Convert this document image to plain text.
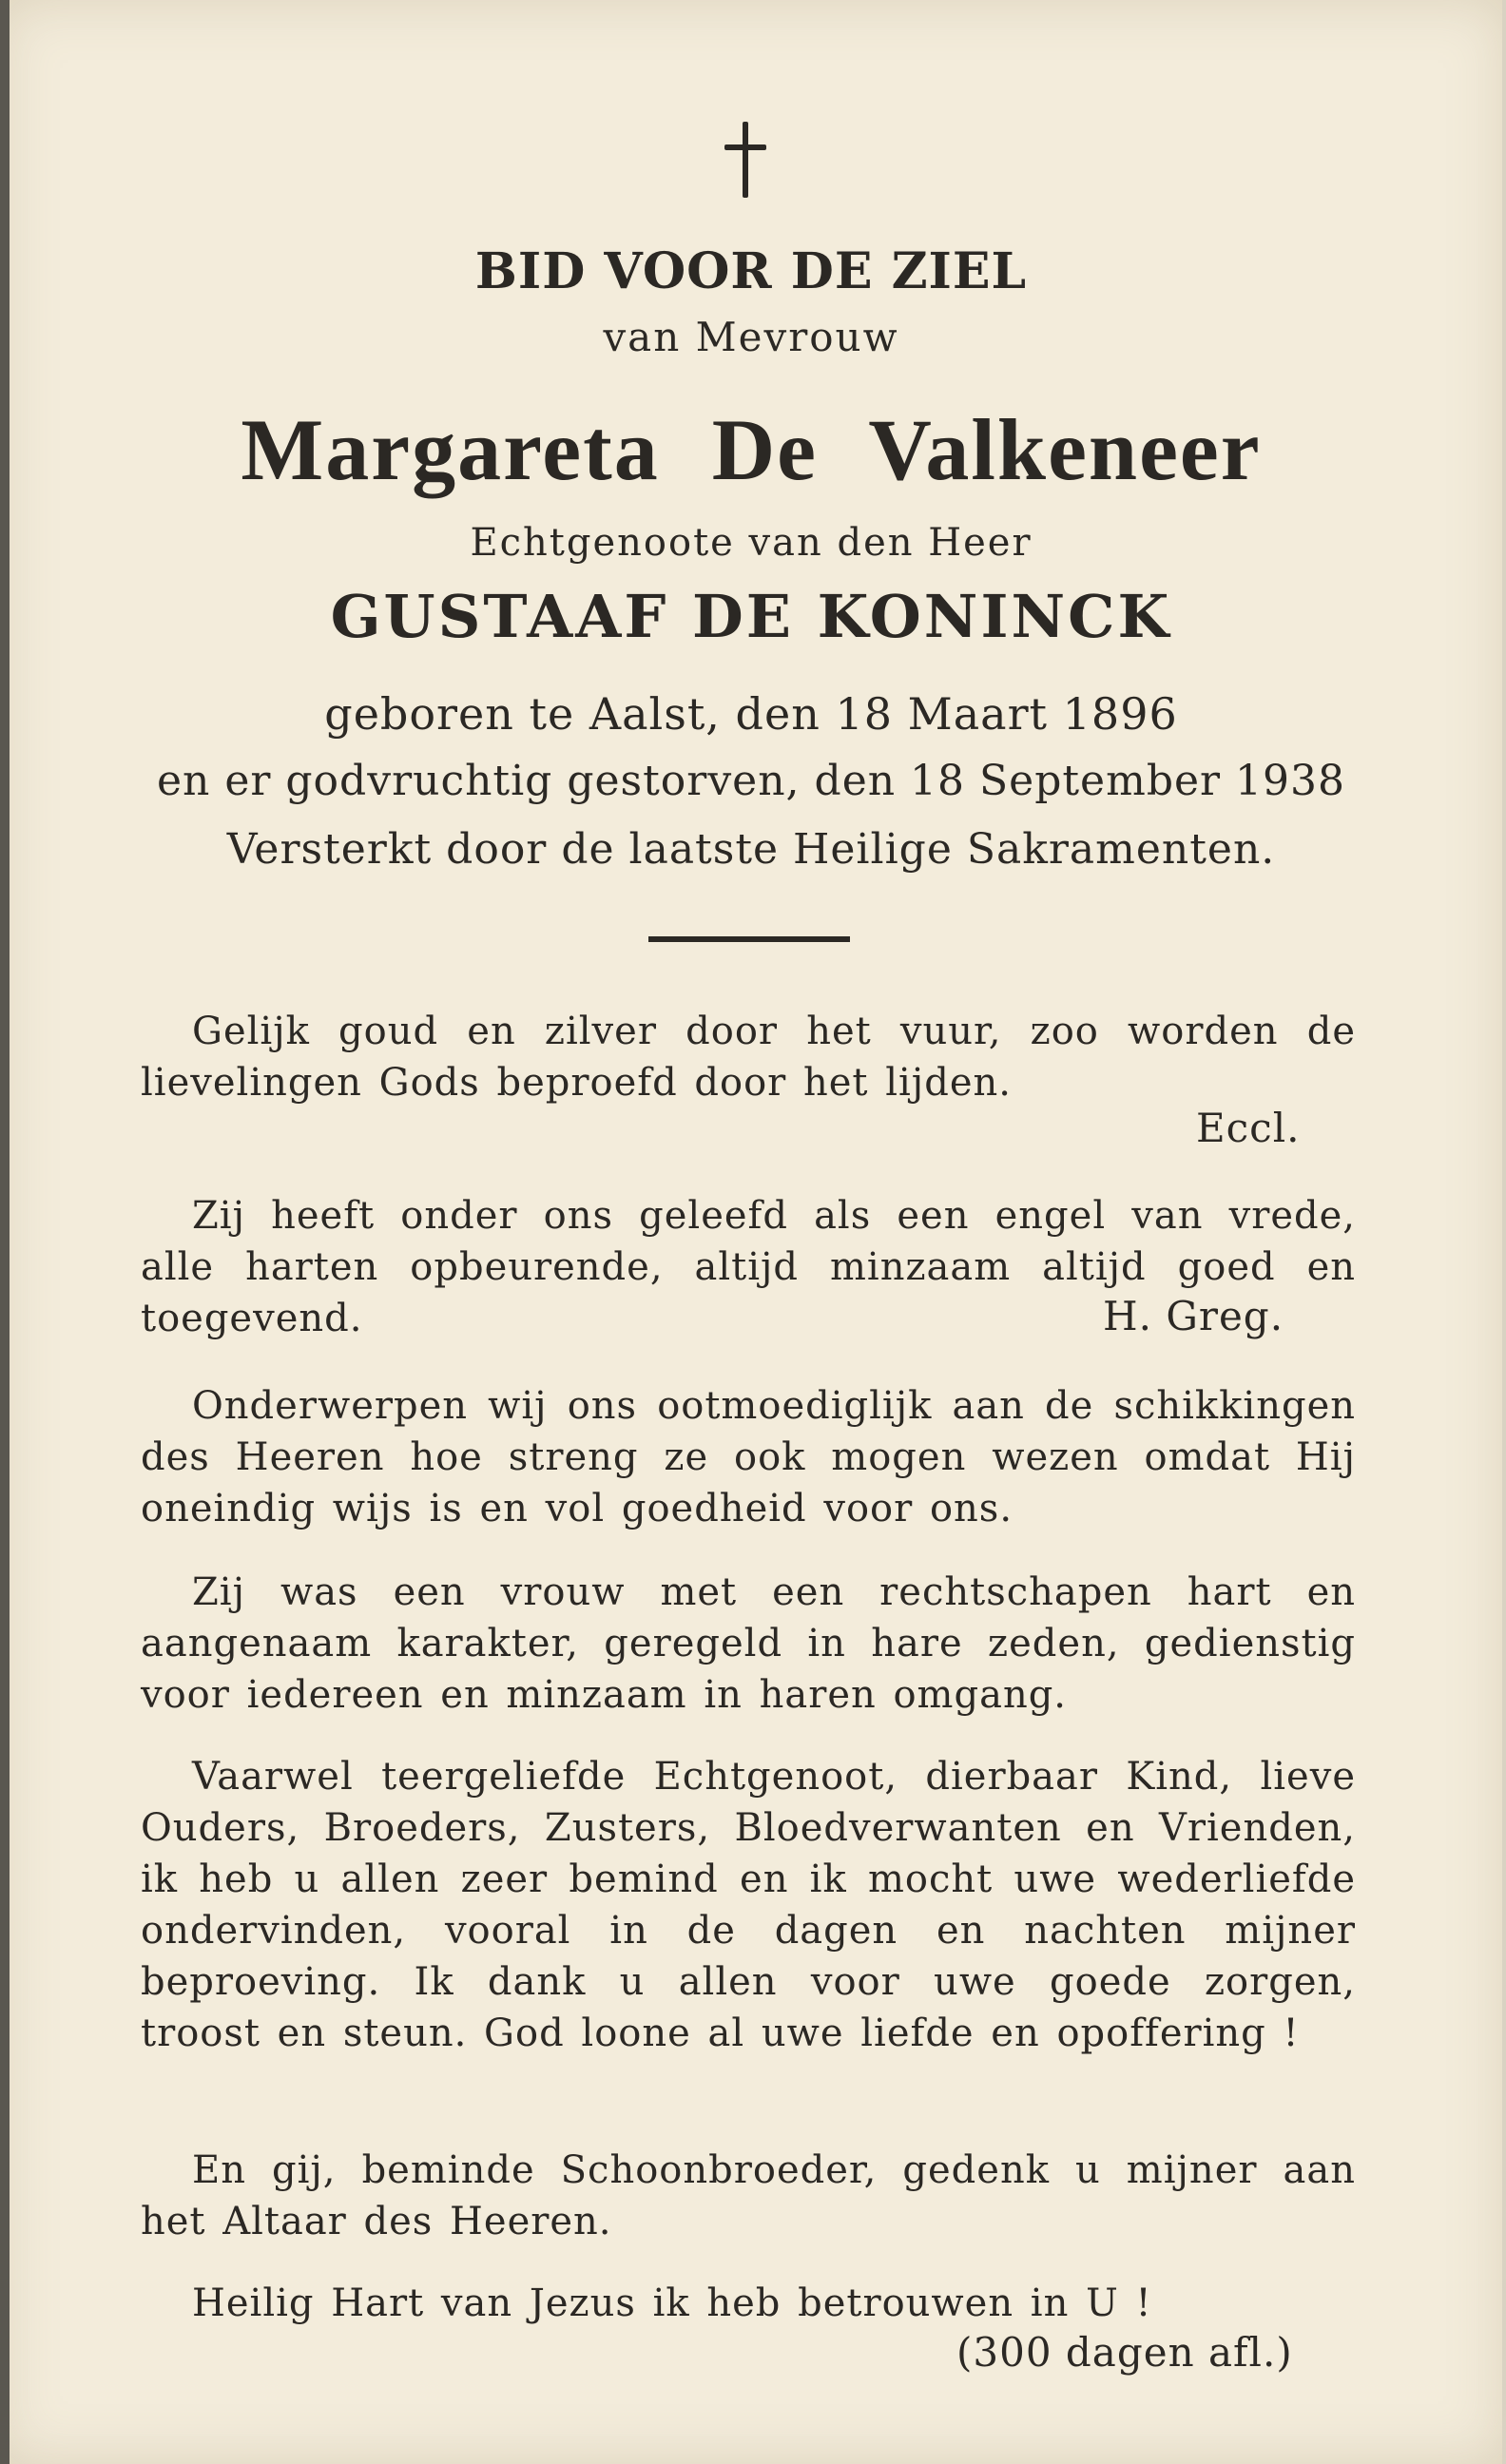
BID VOOR DE ZIEL
van Mevrouw
Margareta De Valkeneer
Echtgenoote van den Heer
GUSTAAF DE KONINCK
geboren te Aalst, den 18 Maart 1896
en er godvruchtig gestorven, den 18 September 1938
Versterkt door de laatste Heilige Sakramenten.
Gelijk goud en zilver door het vuur, zoo worden de lievelingen Gods beproefd door het lijden.
Eccl.
Zij heeft onder ons geleefd als een engel van vrede, alle harten opbeurende, altijd minzaam altijd goed en toegevend.	H. Greg.
Onderwerpen wij ons ootmoediglijk aan de schikkingen des Heeren hoe streng ze ook mogen wezen omdat Hij oneindig wijs is en vol goedheid voor ons.
Zij was een vrouw met een rechtschapen hart en aangenaam karakter, geregeld in hare zeden, gedienstig voor iedereen en minzaam in haren omgang.
Vaarwel teergeliefde Echtgenoot, dierbaar Kind, lieve Ouders, Broeders, Zusters, Bloedverwanten en Vrienden, ik heb u allen zeer bemind en ik mocht uwe wederliefde ondervinden, vooral in de dagen en nachten mijner beproeving. Ik dank u allen voor uwe goede zorgen, troost en steun. God loone al uwe liefde en opoffering !
En gij, beminde Schoonbroeder, gedenk u mijner aan het Altaar des Heeren.
Heilig Hart van Jezus ik heb betrouwen in U !
(300 dagen afl.)
